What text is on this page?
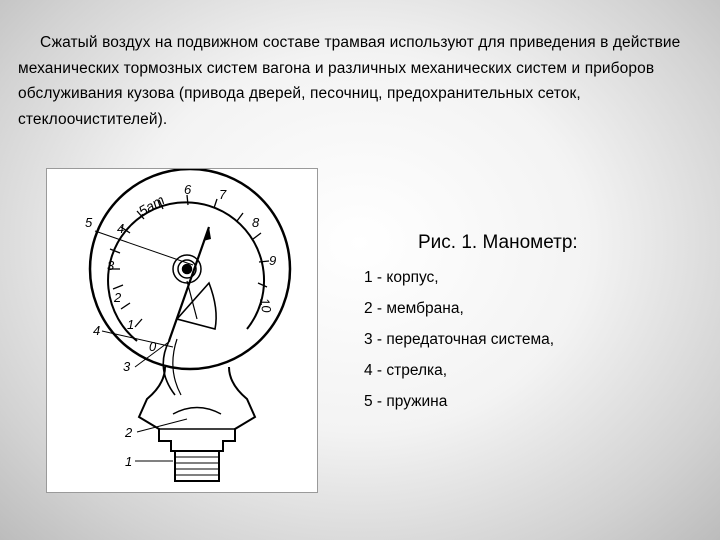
Сжатый воздух на подвижном составе трамвая используют для приведения в действие механических тормозных систем вагона и различных механических систем и приборов обслуживания кузова (привода дверей, песочниц, предохранительных сеток, стеклоочистителей).

0
1
2
3
4
6 7
8
9
10
5ат
5
4
3
2
1
Рис. 1. Манометр:
1 - корпус,
2 - мембрана,
3 - передаточная система,
4 - стрелка,
5 - пружина
